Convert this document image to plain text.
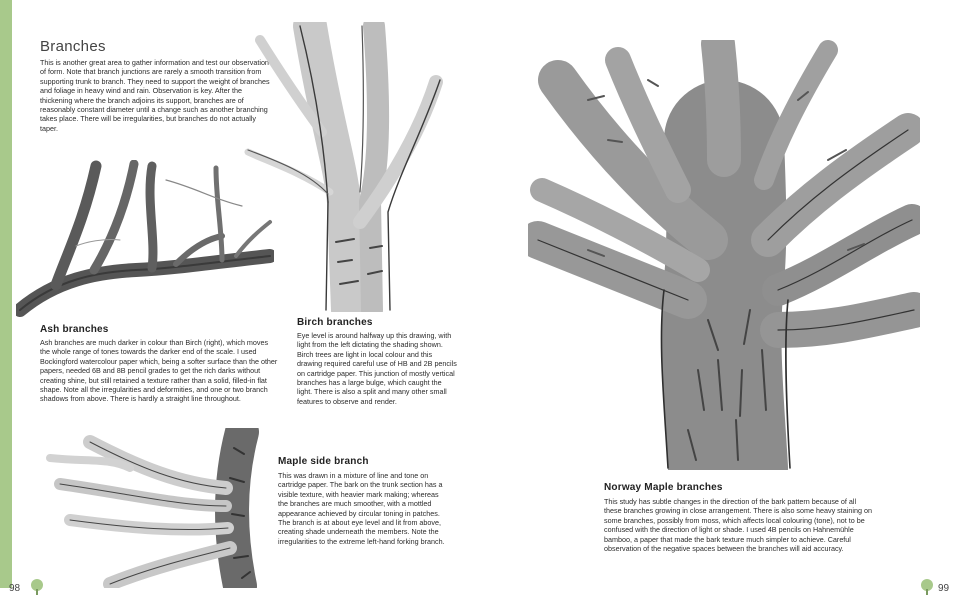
Branches
This is another great area to gather information and test our observation of form. Note that branch junctions are rarely a smooth transition from supporting trunk to branch. They need to support the weight of branches and foliage in heavy wind and rain. Observation is key. After the thickening where the branch adjoins its support, branches are of reasonably constant diameter until a change such as another branching takes place. There will be irregularities, but branches do not actually taper.
Ash branches
Ash branches are much darker in colour than Birch (right), which moves the whole range of tones towards the darker end of the scale. I used Bockingford watercolour paper which, being a softer surface than the other papers, needed 6B and 8B pencil grades to get the rich darks without creating shine, but still retained a texture rather than a solid, filled-in flat shape. Note all the irregularities and deformities, and one or two branch shadows from above. There is hardly a straight line throughout.
Birch branches
Eye level is around halfway up this drawing, with light from the left dictating the shading shown. Birch trees are light in local colour and this drawing required careful use of HB and 2B pencils on cartridge paper. This junction of mostly vertical branches has a large bulge, which caught the light. There is also a split and many other small features to observe and render.
Maple side branch
This was drawn in a mixture of line and tone on cartridge paper. The bark on the trunk section has a visible texture, with heavier mark making; whereas the branches are much smoother, with a mottled appearance achieved by circular toning in patches. The branch is at about eye level and lit from above, creating shade underneath the members. Note the irregularities to the extreme left-hand forking branch.
98
Norway Maple branches
This study has subtle changes in the direction of the bark pattern because of all these branches growing in close arrangement. There is also some heavy staining on some branches, possibly from moss, which affects local colouring (tone), not to be confused with the direction of light or shade. I used 4B pencils on Hahnemühle bamboo, a paper that made the bark texture much simpler to achieve. Careful observation of the negative spaces between the branches will aid accuracy.
99
